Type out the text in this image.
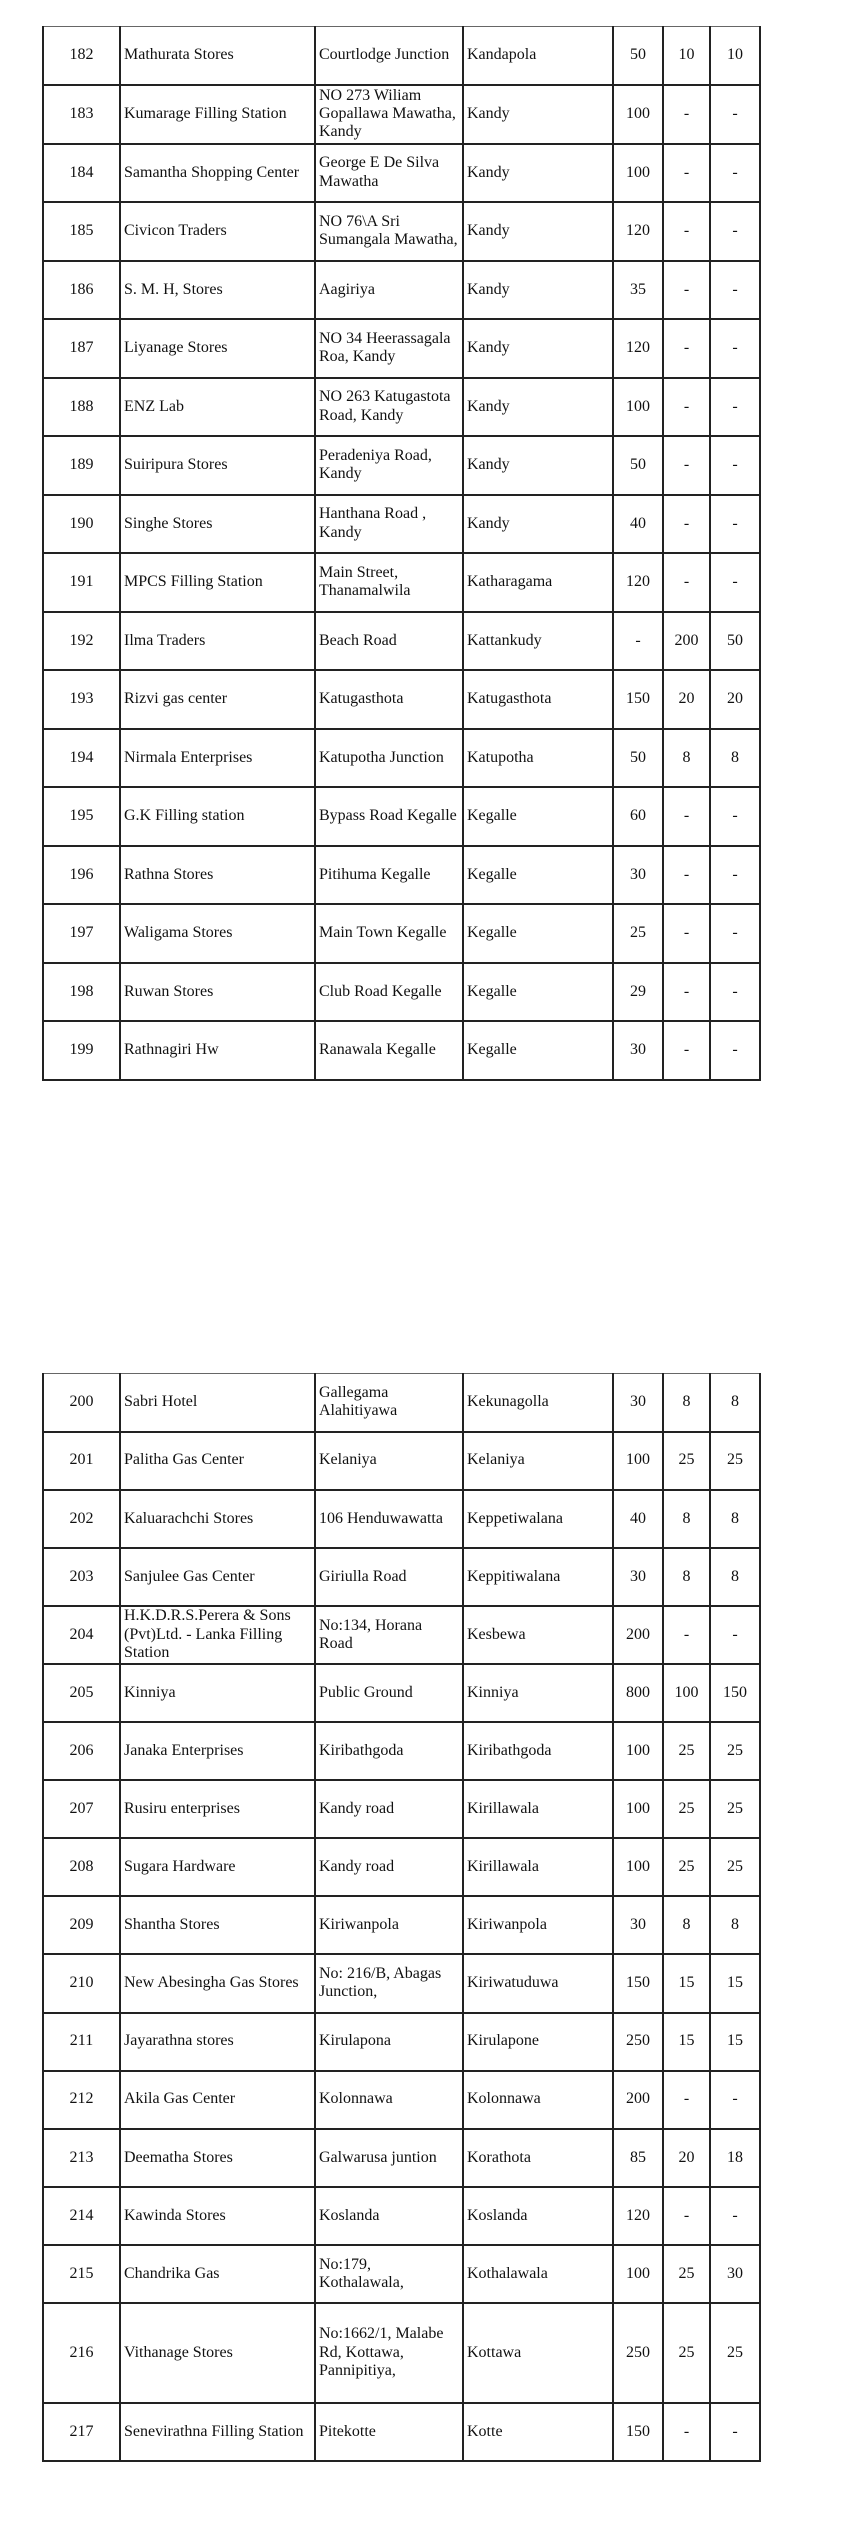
182	Mathurata Stores	Courtlodge Junction	Kandapola	50	10	10
183	Kumarage Filling Station	NO 273 Wiliam Gopallawa Mawatha, Kandy	Kandy	100	-	-
184	Samantha Shopping Center	George E De Silva Mawatha	Kandy	100	-	-
185	Civicon Traders	NO 76\A Sri Sumangala Mawatha,	Kandy	120	-	-
186	S. M. H, Stores	Aagiriya	Kandy	35	-	-
187	Liyanage Stores	NO 34 Heerassagala Roa, Kandy	Kandy	120	-	-
188	ENZ Lab	NO 263 Katugastota Road, Kandy	Kandy	100	-	-
189	Suiripura Stores	Peradeniya Road, Kandy	Kandy	50	-	-
190	Singhe Stores	Hanthana Road , Kandy	Kandy	40	-	-
191	MPCS Filling Station	Main Street, Thanamalwila	Katharagama	120	-	-
192	Ilma Traders	Beach Road	Kattankudy	-	200	50
193	Rizvi gas center	Katugasthota	Katugasthota	150	20	20
194	Nirmala Enterprises	Katupotha Junction	Katupotha	50	8	8
195	G.K Filling station	Bypass Road Kegalle	Kegalle	60	-	-
196	Rathna Stores	Pitihuma Kegalle	Kegalle	30	-	-
197	Waligama Stores	Main Town Kegalle	Kegalle	25	-	-
198	Ruwan Stores	Club Road Kegalle	Kegalle	29	-	-
199	Rathnagiri Hw	Ranawala Kegalle	Kegalle	30	-	-
200	Sabri Hotel	Gallegama Alahitiyawa	Kekunagolla	30	8	8
201	Palitha Gas Center	Kelaniya	Kelaniya	100	25	25
202	Kaluarachchi Stores	106 Henduwawatta	Keppetiwalana	40	8	8
203	Sanjulee Gas Center	Giriulla Road	Keppitiwalana	30	8	8
204	H.K.D.R.S.Perera & Sons (Pvt)Ltd. - Lanka Filling Station	No:134, Horana Road	Kesbewa	200	-	-
205	Kinniya	Public Ground	Kinniya	800	100	150
206	Janaka Enterprises	Kiribathgoda	Kiribathgoda	100	25	25
207	Rusiru enterprises	Kandy road	Kirillawala	100	25	25
208	Sugara Hardware	Kandy road	Kirillawala	100	25	25
209	Shantha Stores	Kiriwanpola	Kiriwanpola	30	8	8
210	New Abesingha Gas Stores	No: 216/B, Abagas Junction,	Kiriwatuduwa	150	15	15
211	Jayarathna stores	Kirulapona	Kirulapone	250	15	15
212	Akila Gas Center	Kolonnawa	Kolonnawa	200	-	-
213	Deematha Stores	Galwarusa juntion	Korathota	85	20	18
214	Kawinda Stores	Koslanda	Koslanda	120	-	-
215	Chandrika Gas	No:179, Kothalawala,	Kothalawala	100	25	30
216	Vithanage Stores	No:1662/1, Malabe Rd, Kottawa, Pannipitiya,	Kottawa	250	25	25
217	Senevirathna Filling Station	Pitekotte	Kotte	150	-	-
